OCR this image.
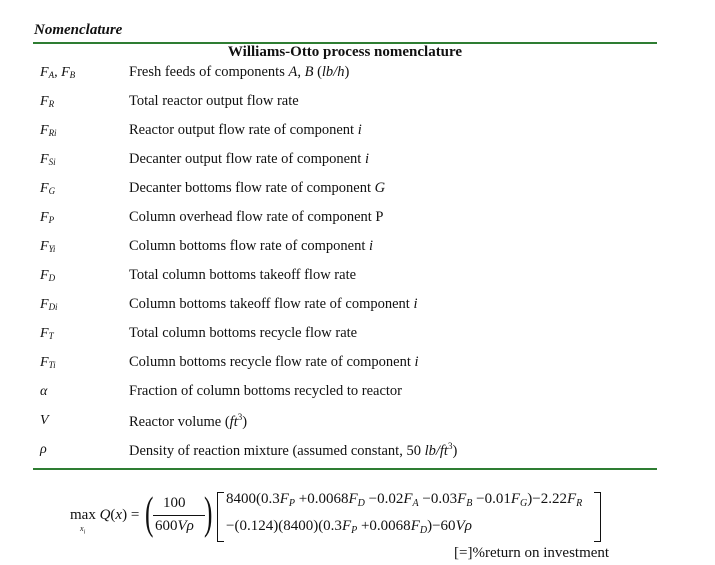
Nomenclature
Williams-Otto process nomenclature
$F_A$, $F_B$	Fresh feeds of components A, B (lb/h)
$F_R$	Total reactor output flow rate
$F_{Ri}$	Reactor output flow rate of component i
$F_{Si}$	Decanter output flow rate of component i
$F_G$	Decanter bottoms flow rate of component G
$F_P$	Column overhead flow rate of component P
$F_{Yi}$	Column bottoms flow rate of component i
$F_D$	Total column bottoms takeoff flow rate
$F_{Di}$	Column bottoms takeoff flow rate of component i
$F_T$	Total column bottoms recycle flow rate
$F_{Ti}$	Column bottoms recycle flow rate of component i
α	Fraction of column bottoms recycled to reactor
V	Reactor volume $(ft^3)$
ρ	Density of reaction mixture (assumed constant, 50 $lb/ft^3$)
max Q(x) =
$x_i$ ( 100
600Vρ ) $8400(0.3F_P +0.0068F_D -0.02F_A -0.03F_B -0.01F_G)-2.22F_R$
$-(0.124)(8400)(0.3F_P +0.0068F_D)-60V\rho$
[=]%return on investment
